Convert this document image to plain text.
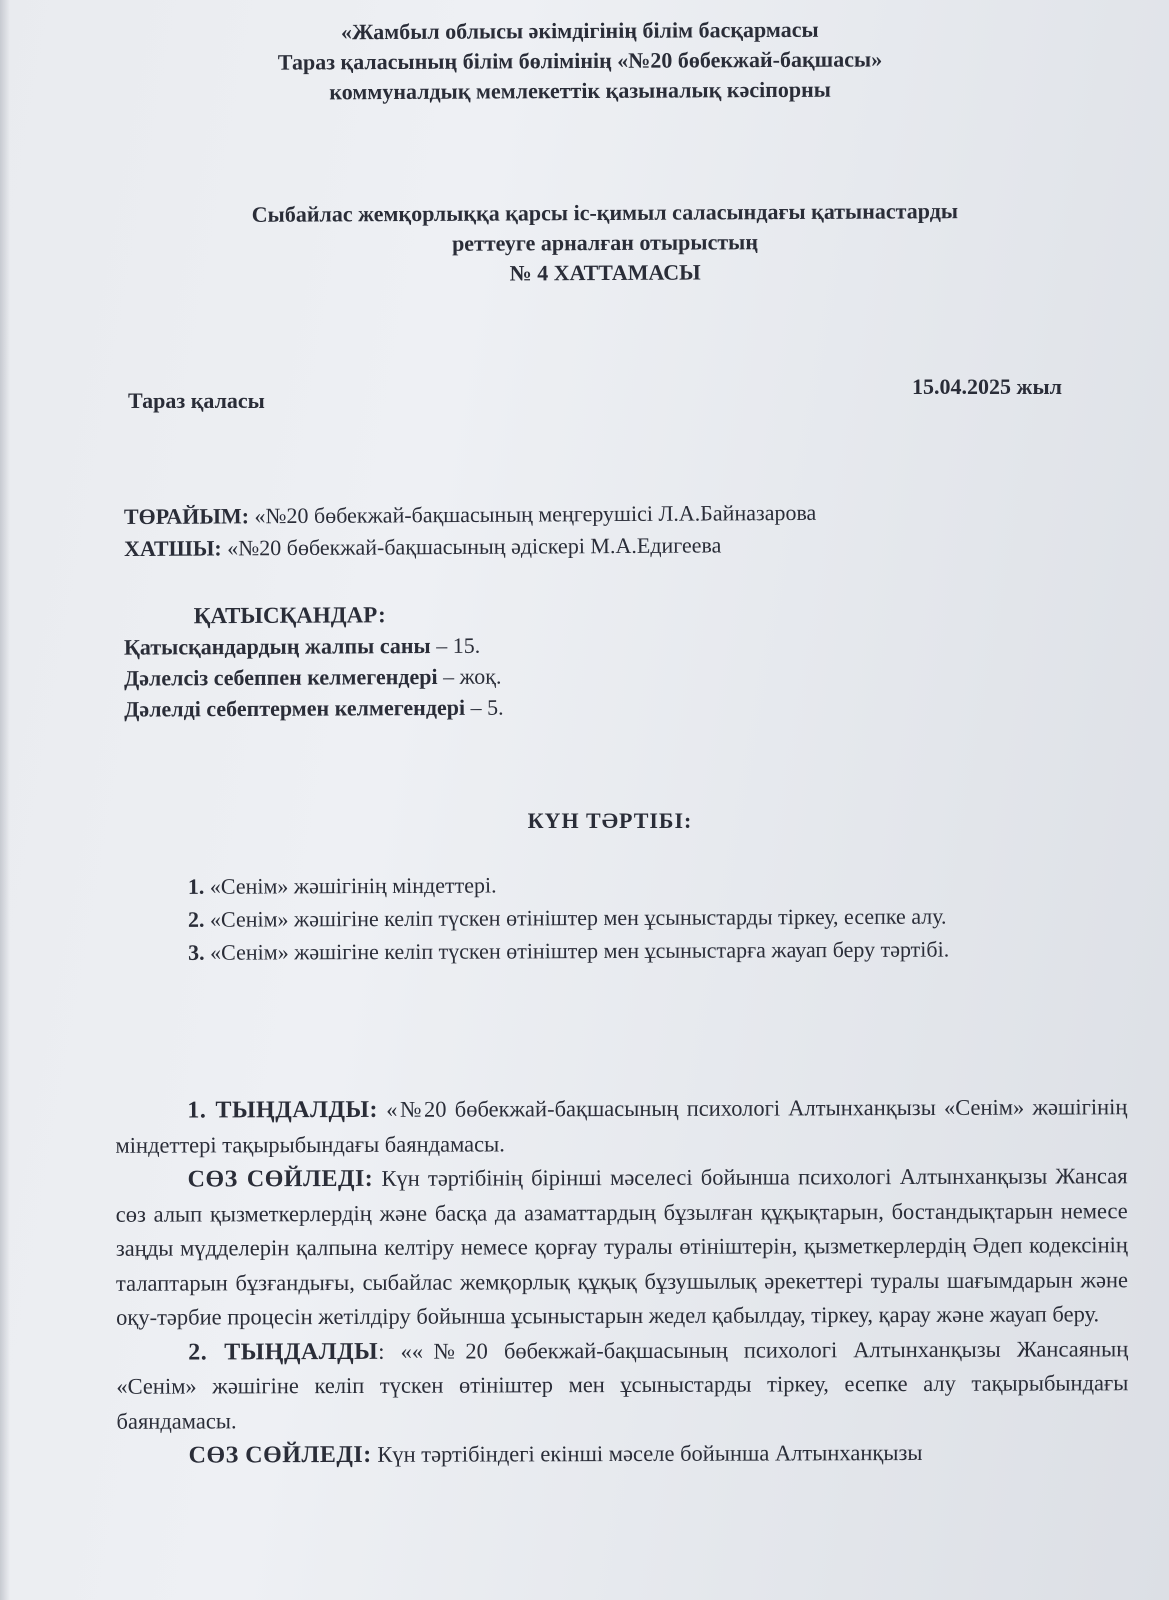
«Жамбыл облысы әкімдігінің білім басқармасы
Тараз қаласының білім бөлімінің «№20 бөбекжай-бақшасы»
коммуналдық мемлекеттік қазыналық кәсіпорны
Сыбайлас жемқорлыққа қарсы іс-қимыл саласындағы қатынастарды
реттеуге арналған отырыстың
№ 4 ХАТТАМАСЫ
Тараз қаласы
15.04.2025 жыл
ТӨРАЙЫМ: «№20 бөбекжай-бақшасының меңгерушісі Л.А.Байназарова
ХАТШЫ: «№20 бөбекжай-бақшасының әдіскері М.А.Едигеева
ҚАТЫСҚАНДАР:
Қатысқандардың жалпы саны – 15.
Дәлелсіз себеппен келмегендері – жоқ.
Дәлелді себептермен келмегендері – 5.
КҮН ТӘРТІБІ:

1. «Сенім» жәшігінің міндеттері.

2. «Сенім» жәшігіне келіп түскен өтініштер мен ұсыныстарды тіркеу, есепке алу.

3. «Сенім» жәшігіне келіп түскен өтініштер мен ұсыныстарға жауап беру тәртібі.

1. ТЫҢДАЛДЫ: «№20 бөбекжай-бақшасының психологі Алтынханқызы «Сенім» жәшігінің міндеттері тақырыбындағы баяндамасы.

СӨЗ СӨЙЛЕДІ: Күн тәртібінің бірінші мәселесі бойынша психологі Алтынханқызы Жансая сөз алып қызметкерлердің және басқа да азаматтардың бұзылған құқықтарын, бостандықтарын немесе заңды мүдделерін қалпына келтіру немесе қорғау туралы өтініштерін, қызметкерлердің Әдеп кодексінің талаптарын бұзғандығы, сыбайлас жемқорлық құқық бұзушылық әрекеттері туралы шағымдарын және оқу-тәрбие процесін жетілдіру бойынша ұсыныстарын жедел қабылдау, тіркеу, қарау және жауап беру.

2. ТЫҢДАЛДЫ: ««№20 бөбекжай-бақшасының психологі Алтынханқызы Жансаяның «Сенім» жәшігіне келіп түскен өтініштер мен ұсыныстарды тіркеу, есепке алу тақырыбындағы баяндамасы.

СӨЗ СӨЙЛЕДІ: Күн тәртібіндегі екінші мәселе бойынша Алтынханқызы
